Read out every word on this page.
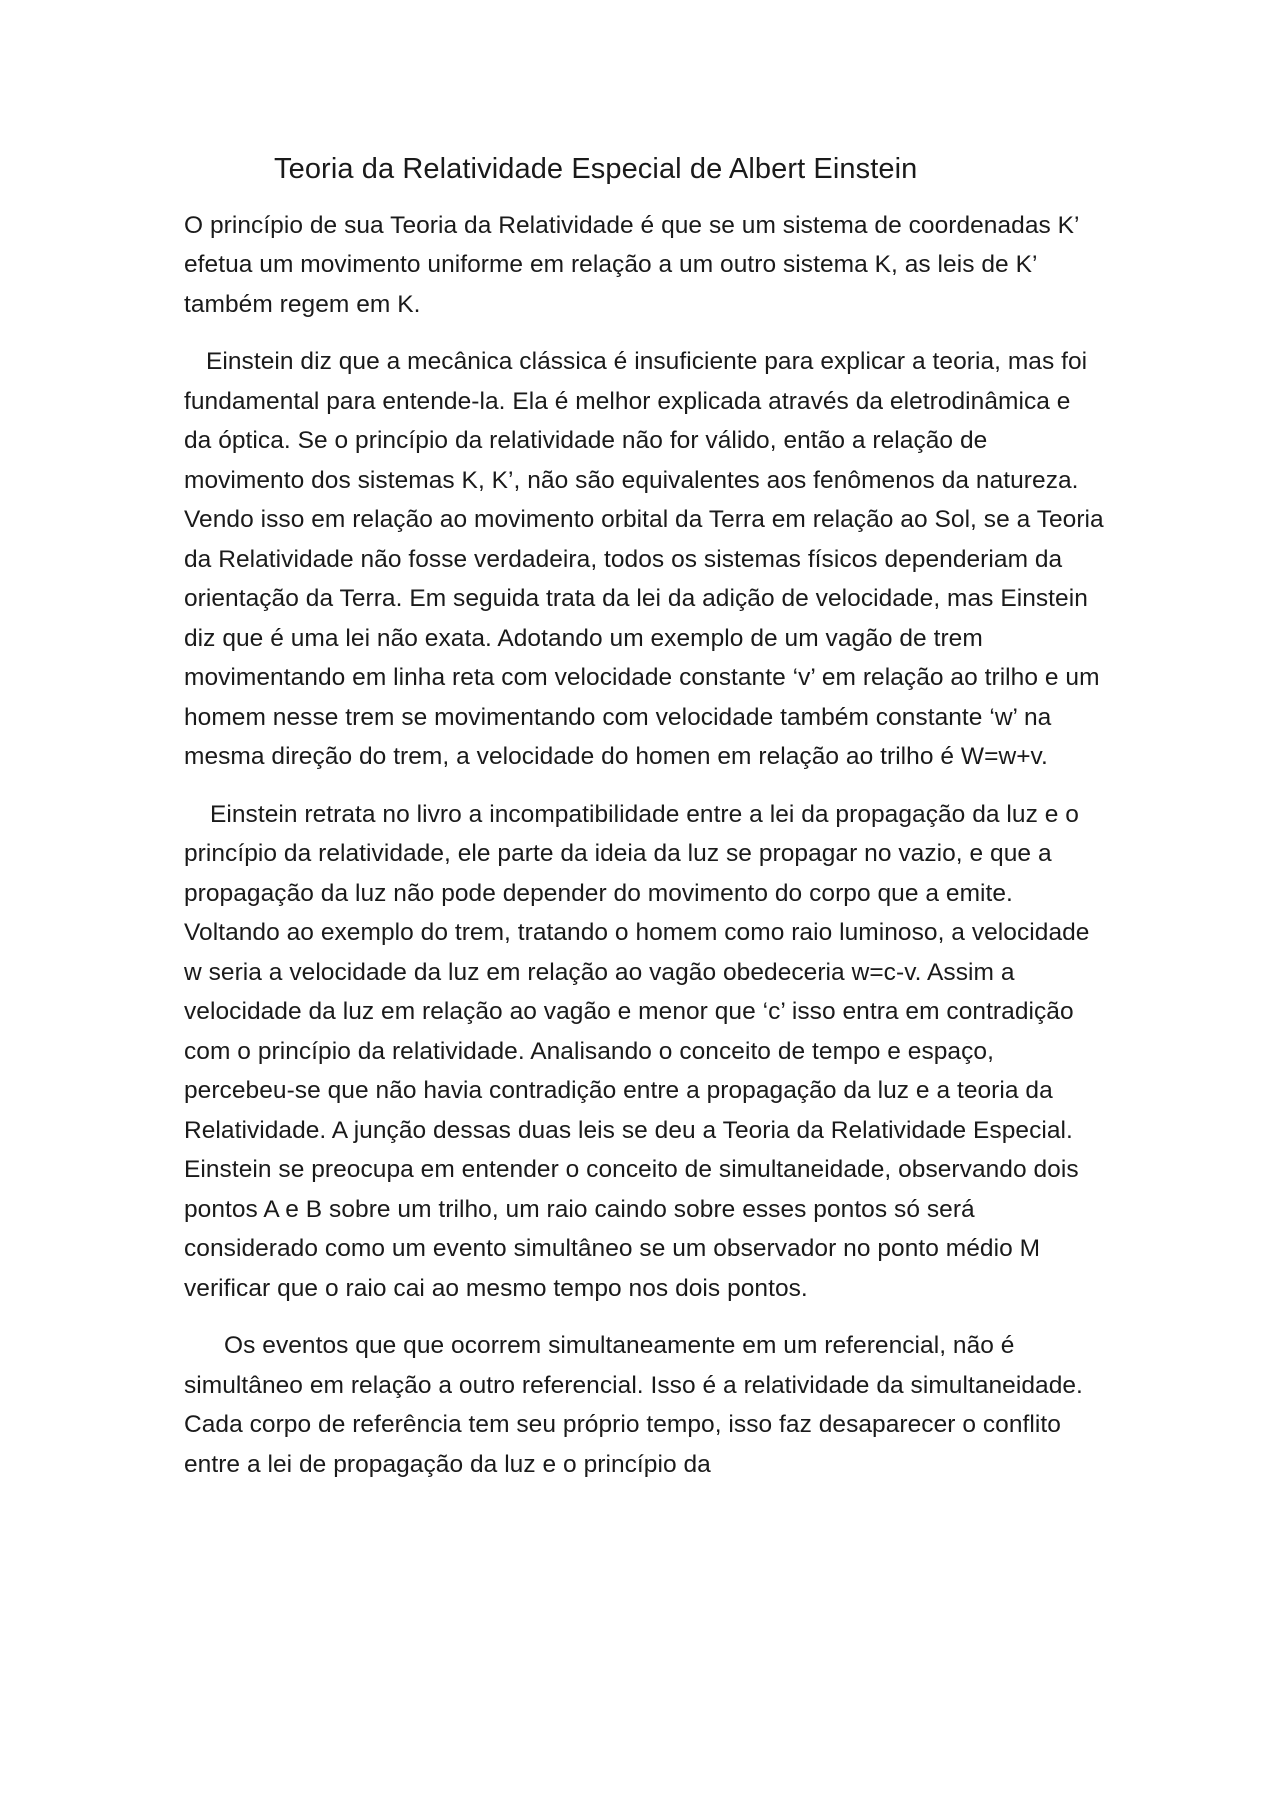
Teoria da Relatividade Especial de Albert Einstein

O princípio de sua Teoria da Relatividade é que se um sistema de coordenadas K’ efetua um movimento uniforme em relação a um outro sistema K, as leis de K’ também regem em K.

Einstein diz que a mecânica clássica é insuficiente para explicar a teoria, mas foi fundamental para entende-la. Ela é melhor explicada através da eletrodinâmica e da óptica. Se o princípio da relatividade não for válido, então a relação de movimento dos sistemas K, K’, não são equivalentes aos fenômenos da natureza. Vendo isso em relação ao movimento orbital da Terra em relação ao Sol, se a Teoria da Relatividade não fosse verdadeira, todos os sistemas físicos dependeriam da orientação da Terra. Em seguida trata da lei da adição de velocidade, mas Einstein diz que é uma lei não exata. Adotando um exemplo de um vagão de trem movimentando em linha reta com velocidade constante ‘v’ em relação ao trilho e um homem nesse trem se movimentando com velocidade também constante ‘w’ na mesma direção do trem, a velocidade do homen em relação ao trilho é W=w+v.

Einstein retrata no livro a incompatibilidade entre a lei da propagação da luz e o princípio da relatividade, ele parte da ideia da luz se propagar no vazio, e que a propagação da luz não pode depender do movimento do corpo que a emite. Voltando ao exemplo do trem, tratando o homem como raio luminoso, a velocidade w seria a velocidade da luz em relação ao vagão obedeceria w=c-v. Assim a velocidade da luz em relação ao vagão e menor que ‘c’ isso entra em contradição com o princípio da relatividade. Analisando o conceito de tempo e espaço, percebeu-se que não havia contradição entre a propagação da luz e a teoria da Relatividade. A junção dessas duas leis se deu a Teoria da Relatividade Especial. Einstein se preocupa em entender o conceito de simultaneidade, observando dois pontos A e B sobre um trilho, um raio caindo sobre esses pontos só será considerado como um evento simultâneo se um observador no ponto médio M verificar que o raio cai ao mesmo tempo nos dois pontos.

Os eventos que que ocorrem simultaneamente em um referencial, não é simultâneo em relação a outro referencial. Isso é a relatividade da simultaneidade. Cada corpo de referência tem seu próprio tempo, isso faz desaparecer o conflito entre a lei de propagação da luz e o princípio da
